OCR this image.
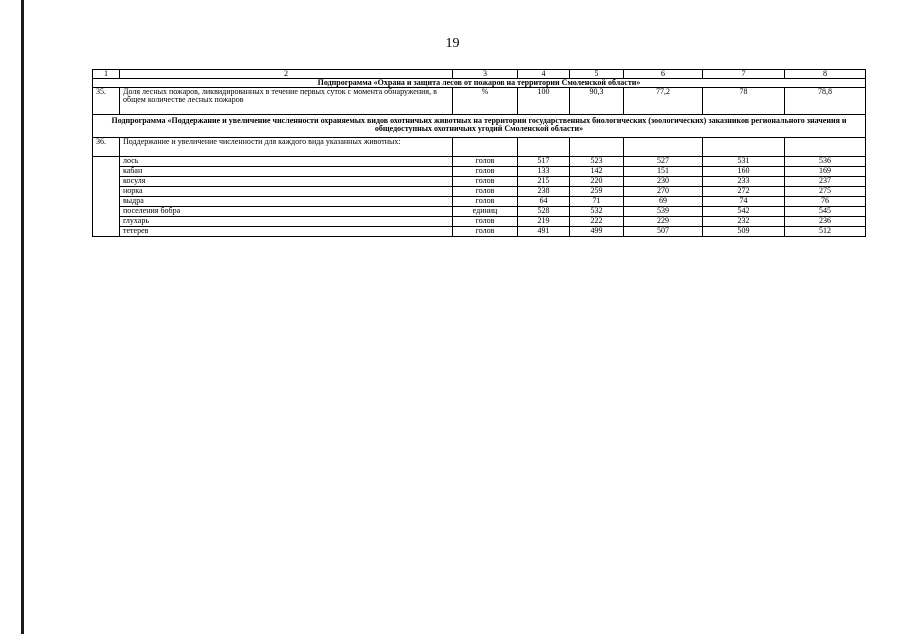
19
1	2	3	4	5	6	7	8
Подпрограмма «Охрана и защита лесов от пожаров на территории Смоленской области»							
35.	Доля лесных пожаров, ликвидированных в течение первых суток с момента обнаружения, в общем количестве лесных пожаров	%	100	90,3	77,2	78	78,8
Подпрограмма «Поддержание и увеличение численности охраняемых видов охотничьих животных на территории государственных биологических (зоологических) заказников регионального значения и общедоступных охотничьих угодий Смоленской области»							
36.	Поддержание и увеличение численности для каждого вида указанных животных:						
	лось	голов	517	523	527	531	536
	кабан	голов	133	142	151	160	169
	косуля	голов	215	220	230	233	237
	норка	голов	238	259	270	272	275
	выдра	голов	64	71	69	74	76
	поселения бобра	единиц	528	532	539	542	545
	глухарь	голов	219	222	229	232	236
	тетерев	голов	491	499	507	509	512
